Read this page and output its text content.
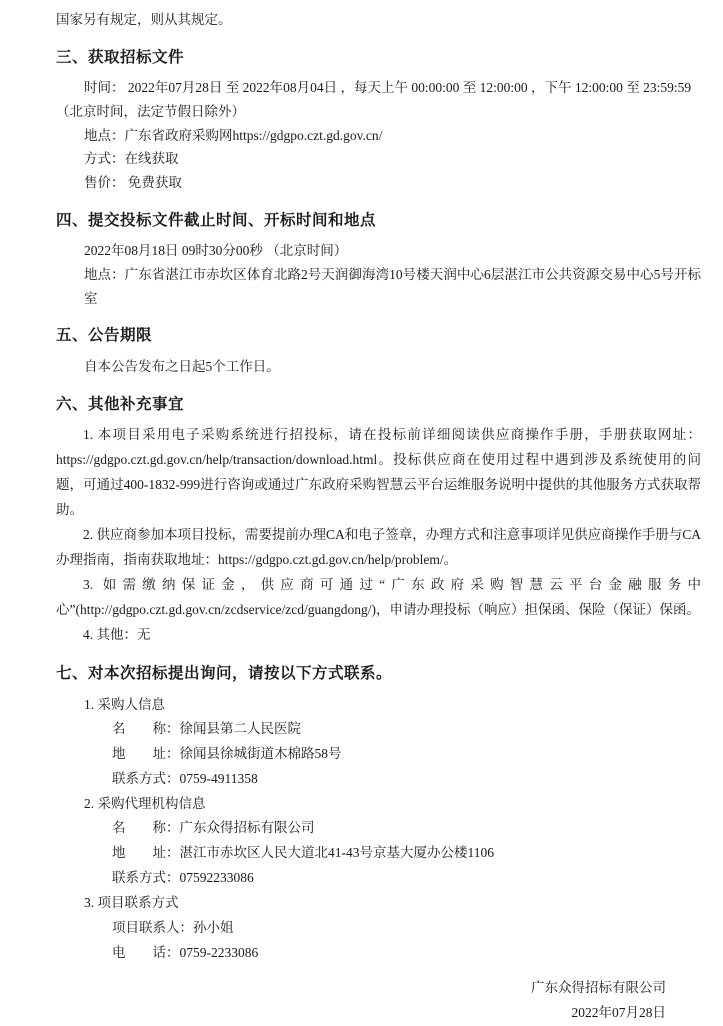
国家另有规定，则从其规定。
三、获取招标文件
时间： 2022年07月28日 至 2022年08月04日 ，每天上午 00:00:00 至 12:00:00 ，下午 12:00:00 至 23:59:59
（北京时间，法定节假日除外）
地点：广东省政府采购网https://gdgpo.czt.gd.gov.cn/
方式：在线获取
售价： 免费获取
四、提交投标文件截止时间、开标时间和地点
2022年08月18日 09时30分00秒 （北京时间）
地点：广东省湛江市赤坎区体育北路2号天润御海湾10号楼天润中心6层湛江市公共资源交易中心5号开标室
五、公告期限
自本公告发布之日起5个工作日。
六、其他补充事宜
1. 本项目采用电子采购系统进行招投标，请在投标前详细阅读供应商操作手册，手册获取网址：https://gdgpo.czt.gd.gov.cn/help/transaction/download.html。投标供应商在使用过程中遇到涉及系统使用的问题，可通过400-1832-999进行咨询或通过广东政府采购智慧云平台运维服务说明中提供的其他服务方式获取帮助。
2. 供应商参加本项目投标，需要提前办理CA和电子签章，办理方式和注意事项详见供应商操作手册与CA办理指南，指南获取地址：https://gdgpo.czt.gd.gov.cn/help/problem/。
3. 如需缴纳保证金，供应商可通过“广东政府采购智慧云平台金融服务中心”(http://gdgpo.czt.gd.gov.cn/zcdservice/zcd/guangdong/)，申请办理投标（响应）担保函、保险（保证）保函。
4. 其他：无
七、对本次招标提出询问，请按以下方式联系。
1. 采购人信息
名　　称：徐闻县第二人民医院
地　　址：徐闻县徐城街道木棉路58号
联系方式：0759-4911358
2. 采购代理机构信息
名　　称：广东众得招标有限公司
地　　址：湛江市赤坎区人民大道北41-43号京基大厦办公楼1106
联系方式：07592233086
3. 项目联系方式
项目联系人：孙小姐
电　　话：0759-2233086
广东众得招标有限公司
2022年07月28日
